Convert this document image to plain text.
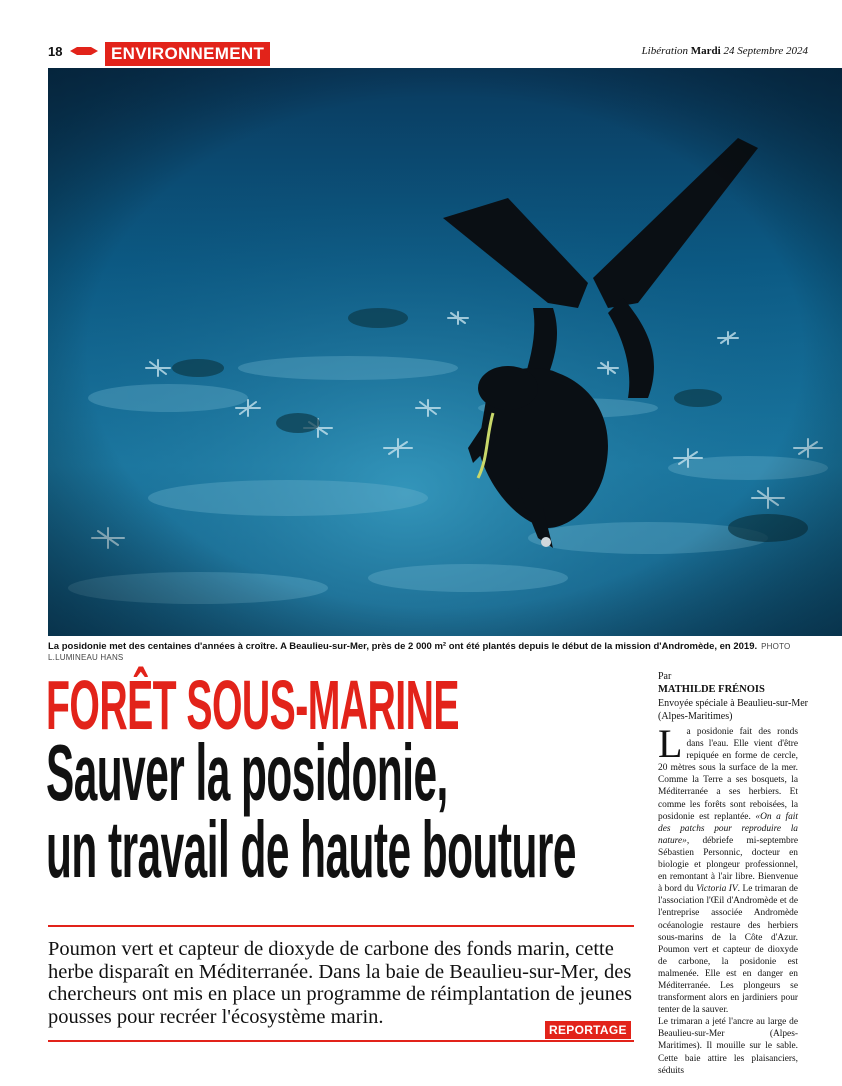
18	ENVIRONNEMENT	Libération Mardi 24 Septembre 2024
La posidonie met des centaines d'années à croître. A Beaulieu-sur-Mer, près de 2 000 m² ont été plantés depuis le début de la mission d'Andromède, en 2019. PHOTO L.LUMINEAU HANS
FORÊT SOUS-MARINE
Sauver la posidonie,
un travail de haute bouture
Poumon vert et capteur de dioxyde de carbone des fonds marin, cette herbe disparaît en Méditerranée. Dans la baie de Beaulieu-sur-Mer, des chercheurs ont mis en place un programme de réimplantation de jeunes pousses pour recréer l'écosystème marin.
REPORTAGE
Par
MATHILDE FRÉNOIS
Envoyée spéciale à Beaulieu-sur-Mer (Alpes-Maritimes)

La posidonie fait des ronds dans l'eau. Elle vient d'être repiquée en forme de cercle, 20 mètres sous la surface de la mer. Comme la Terre a ses bosquets, la Méditerranée a ses herbiers. Et comme les forêts sont reboisées, la posidonie est replantée. «On a fait des patchs pour reproduire la nature», débriefe mi-septembre Sébastien Personnic, docteur en biologie et plongeur professionnel, en remontant à l'air libre. Bienvenue à bord du Victoria IV. Le trimaran de l'association l'Œil d'Andromède et de l'entreprise associée Andromède océanologie restaure des herbiers sous-marins de la Côte d'Azur. Poumon vert et capteur de dioxyde de carbone, la posidonie est malmenée. Elle est en danger en Méditerranée. Les plongeurs se transforment alors en jardiniers pour tenter de la sauver.

Le trimaran a jeté l'ancre au large de Beaulieu-sur-Mer (Alpes-Maritimes). Il mouille sur le sable. Cette baie attire les plaisanciers, séduits
